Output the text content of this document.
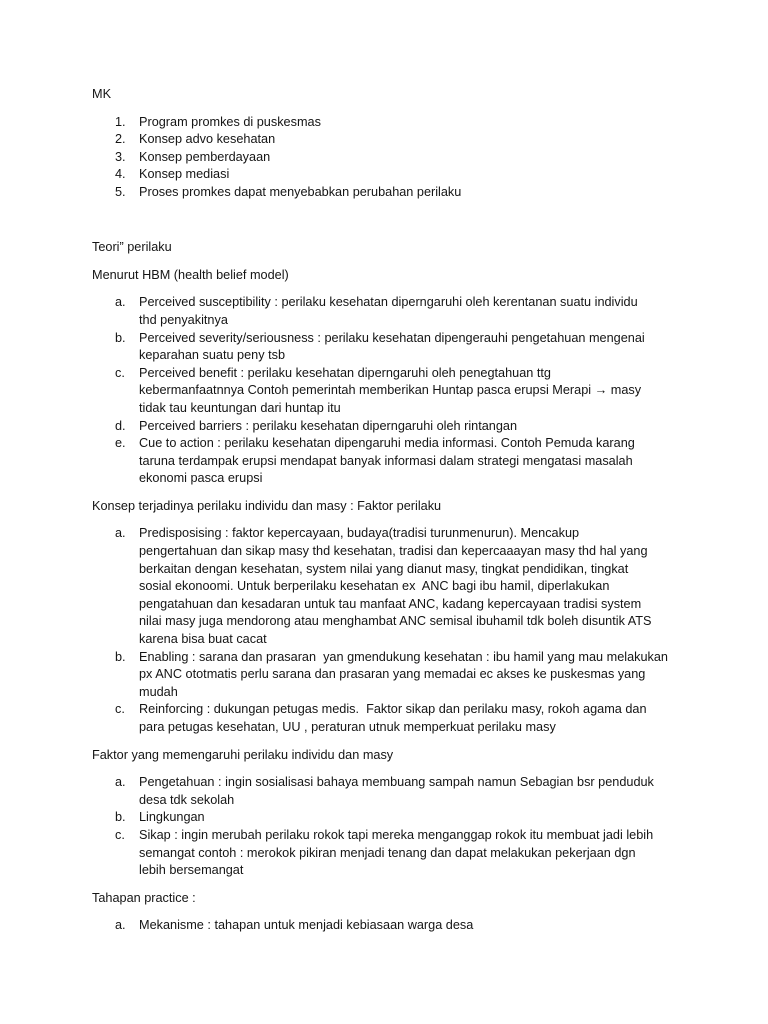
MK
1. Program promkes di puskesmas
2. Konsep advo kesehatan
3. Konsep pemberdayaan
4. Konsep mediasi
5. Proses promkes dapat menyebabkan perubahan perilaku
Teori” perilaku
Menurut HBM (health belief model)
a. Perceived susceptibility : perilaku kesehatan diperngaruhi oleh kerentanan suatu individu
thd penyakitnya
b. Perceived severity/seriousness : perilaku kesehatan dipengerauhi pengetahuan mengenai
keparahan suatu peny tsb
c. Perceived benefit : perilaku kesehatan diperngaruhi oleh penegtahuan ttg
kebermanfaatnnya Contoh pemerintah memberikan Huntap pasca erupsi Merapi → masy
tidak tau keuntungan dari huntap itu
d. Perceived barriers : perilaku kesehatan diperngaruhi oleh rintangan
e. Cue to action : perilaku kesehatan dipengaruhi media informasi. Contoh Pemuda karang
taruna terdampak erupsi mendapat banyak informasi dalam strategi mengatasi masalah
ekonomi pasca erupsi
Konsep terjadinya perilaku individu dan masy : Faktor perilaku
a. Predisposising : faktor kepercayaan, budaya(tradisi turunmenurun). Mencakup
pengertahuan dan sikap masy thd kesehatan, tradisi dan kepercaaayan masy thd hal yang
berkaitan dengan kesehatan, system nilai yang dianut masy, tingkat pendidikan, tingkat
sosial ekonoomi. Untuk berperilaku kesehatan ex  ANC bagi ibu hamil, diperlakukan
pengatahuan dan kesadaran untuk tau manfaat ANC, kadang kepercayaan tradisi system
nilai masy juga mendorong atau menghambat ANC semisal ibuhamil tdk boleh disuntik ATS
karena bisa buat cacat
b. Enabling : sarana dan prasaran  yan gmendukung kesehatan : ibu hamil yang mau melakukan
px ANC ototmatis perlu sarana dan prasaran yang memadai ec akses ke puskesmas yang
mudah
c. Reinforcing : dukungan petugas medis.  Faktor sikap dan perilaku masy, rokoh agama dan
para petugas kesehatan, UU , peraturan utnuk memperkuat perilaku masy
Faktor yang memengaruhi perilaku individu dan masy
a. Pengetahuan : ingin sosialisasi bahaya membuang sampah namun Sebagian bsr penduduk
desa tdk sekolah
b. Lingkungan
c. Sikap : ingin merubah perilaku rokok tapi mereka menganggap rokok itu membuat jadi lebih
semangat contoh : merokok pikiran menjadi tenang dan dapat melakukan pekerjaan dgn
lebih bersemangat
Tahapan practice :
a. Mekanisme : tahapan untuk menjadi kebiasaan warga desa
